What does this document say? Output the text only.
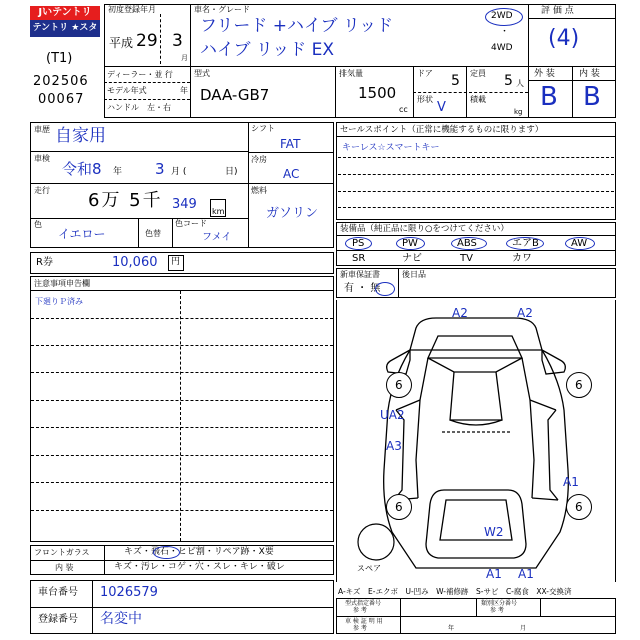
Jいテントリ
テントリ ★スター
(T1)
202506
00067
初度登録年月
平成 29 3
月
車名・グレード
フリード +ハイブ リッド
ハイブ リッド EX
2WD
・
4WD
評 価 点
(4)
ディーラー・並 行
モデル年式	年
ハンドル　左・右
型式
DAA-GB7
排気量
1500
cc
ドア 5
形状
V
定員 5 人
積載
kg
外 装	内 装
B B
車歴 自家用
車検
令和8 年 3 月 (	日)
走行 6万 5千 349 km
色
イエロー	色替
色コード
フメイ
シフト
FAT
冷房
AC
燃料
ガソリン
R券	10,060 円
セールスポイント（正常に機能するものに限ります）
キーレス☆スマートキー
装備品（純正品に限り○をつけてください）
PS	PW	ABS	エアB	AW
SR	ナビ	TV	カワ
新車保証書
有 ・ 無
後日品
注意事項申告欄
下廻りＰ済み
A2	A2
6	6
UA2
A3
6	6
A1
W2
A1 A1
スペア
フロントガラス	キズ・飛石・ヒビ割・リペア跡・X要
内 装	キズ・汚レ・コゲ・穴・スレ・キレ・破レ
A-キズ　E-エクボ　U-凹み　W-補修跡　S-サビ　C-腐食　XX-交換済
車台番号 1026579
登録番号 名変中
型式指定番号
参 考
類別区分番号
参 考
車 検 証 明 用
参 考	年	月
